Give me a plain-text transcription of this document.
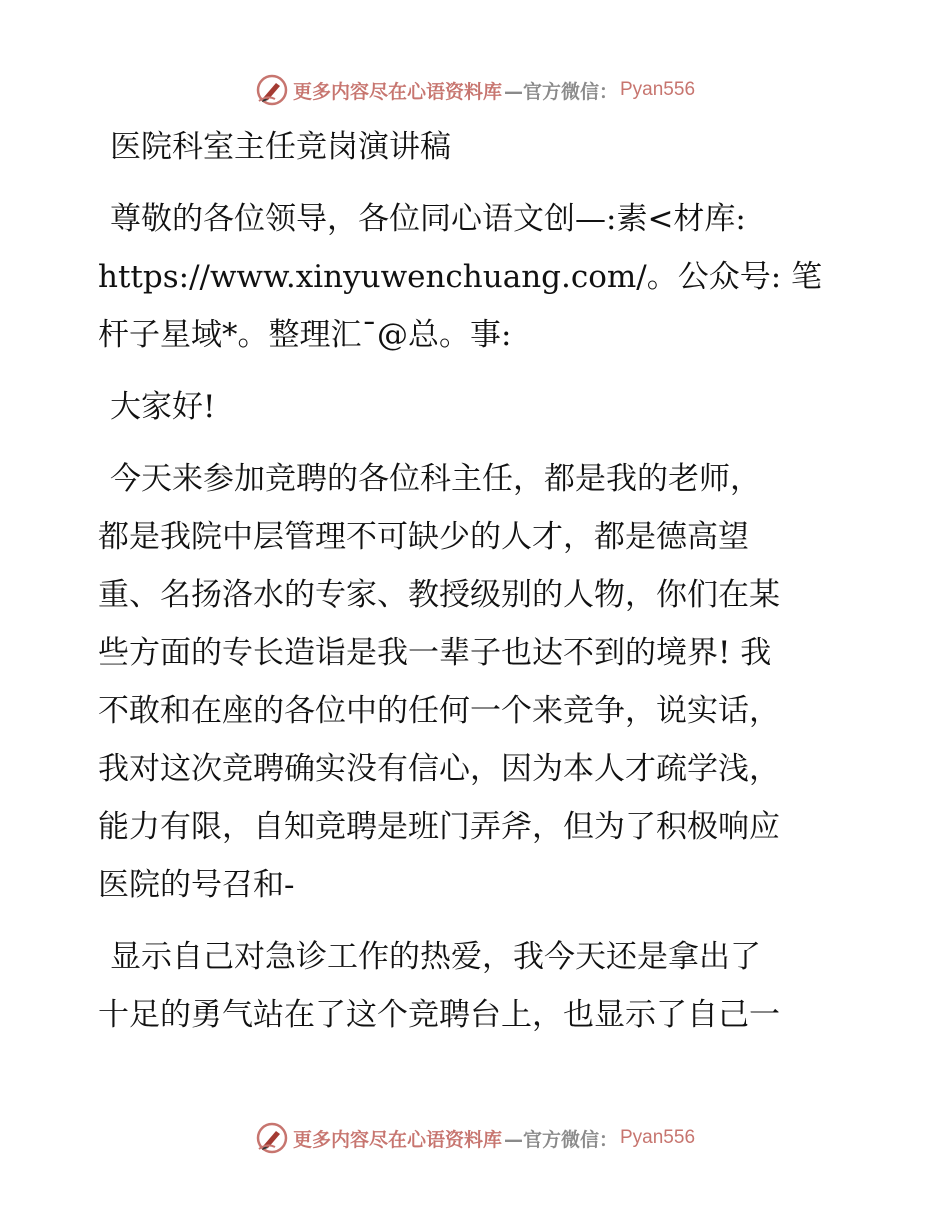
更多内容尽在心语资料库 —官方微信： Pyan556
医院科室主任竞岗演讲稿
尊敬的各位领导，各位同心语文创—:素<材库:
https://www.xinyuwenchuang.com/。公众号: 笔
杆子星域*。整理汇¯@总。事:
大家好!
今天来参加竞聘的各位科主任，都是我的老师，
都是我院中层管理不可缺少的人才，都是德高望
重、名扬洛水的专家、教授级别的人物，你们在某
些方面的专长造诣是我一辈子也达不到的境界! 我
不敢和在座的各位中的任何一个来竞争，说实话，
我对这次竞聘确实没有信心，因为本人才疏学浅，
能力有限，自知竞聘是班门弄斧，但为了积极响应
医院的号召和-
显示自己对急诊工作的热爱，我今天还是拿出了
十足的勇气站在了这个竞聘台上，也显示了自己一
更多内容尽在心语资料库 —官方微信： Pyan556
